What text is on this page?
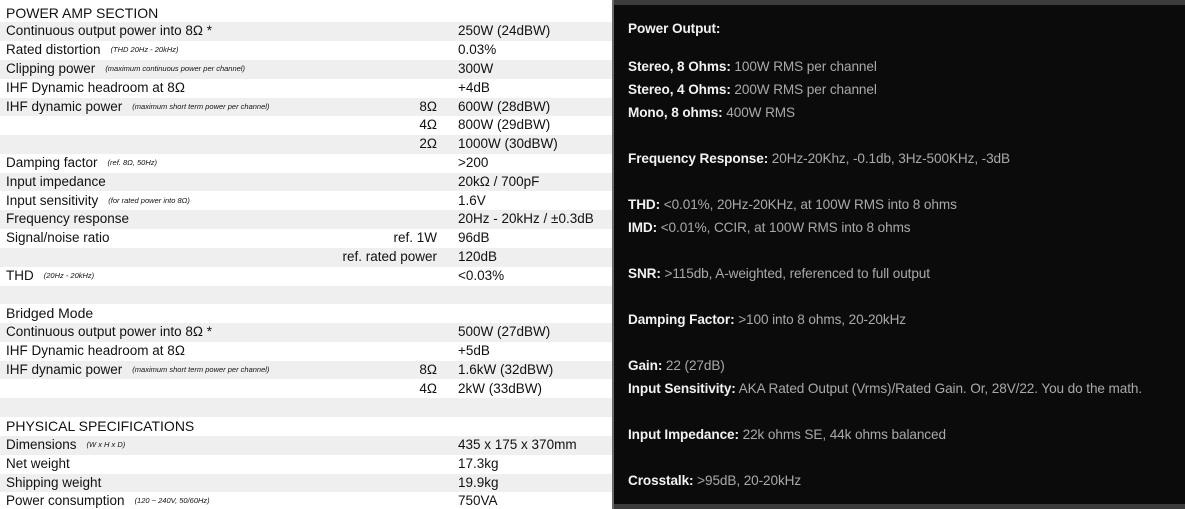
POWER AMP SECTION
Continuous output power into 8Ω *	250W (24dBW)
Rated distortion (THD 20Hz - 20kHz)	0.03%
Clipping power (maximum continuous power per channel)	300W
IHF Dynamic headroom at 8Ω	+4dB
IHF dynamic power (maximum short term power per channel)	8Ω 600W (28dBW)
4Ω 800W (29dBW)
2Ω 1000W (30dBW)
Damping factor (ref. 8Ω, 50Hz)	>200
Input impedance	20kΩ / 700pF
Input sensitivity (for rated power into 8Ω)	1.6V
Frequency response	20Hz - 20kHz / ±0.3dB
Signal/noise ratio	ref. 1W 96dB
ref. rated power 120dB
THD (20Hz - 20kHz)	<0.03%
Bridged Mode
Continuous output power into 8Ω *	500W (27dBW)
IHF Dynamic headroom at 8Ω	+5dB
IHF dynamic power (maximum short term power per channel)	8Ω 1.6kW (32dBW)
4Ω 2kW (33dBW)
PHYSICAL SPECIFICATIONS
Dimensions (W x H x D)	435 x 175 x 370mm
Net weight	17.3kg
Shipping weight	19.9kg
Power consumption (120 ~ 240V, 50/60Hz)	750VA
Power Output:
Stereo, 8 Ohms: 100W RMS per channel
Stereo, 4 Ohms: 200W RMS per channel
Mono, 8 ohms: 400W RMS
Frequency Response: 20Hz-20Khz, -0.1db, 3Hz-500KHz, -3dB
THD: <0.01%, 20Hz-20KHz, at 100W RMS into 8 ohms
IMD: <0.01%, CCIR, at 100W RMS into 8 ohms
SNR: >115db, A-weighted, referenced to full output
Damping Factor: >100 into 8 ohms, 20-20kHz
Gain: 22 (27dB)
Input Sensitivity: AKA Rated Output (Vrms)/Rated Gain. Or, 28V/22. You do the math.
Input Impedance: 22k ohms SE, 44k ohms balanced
Crosstalk: >95dB, 20-20kHz
